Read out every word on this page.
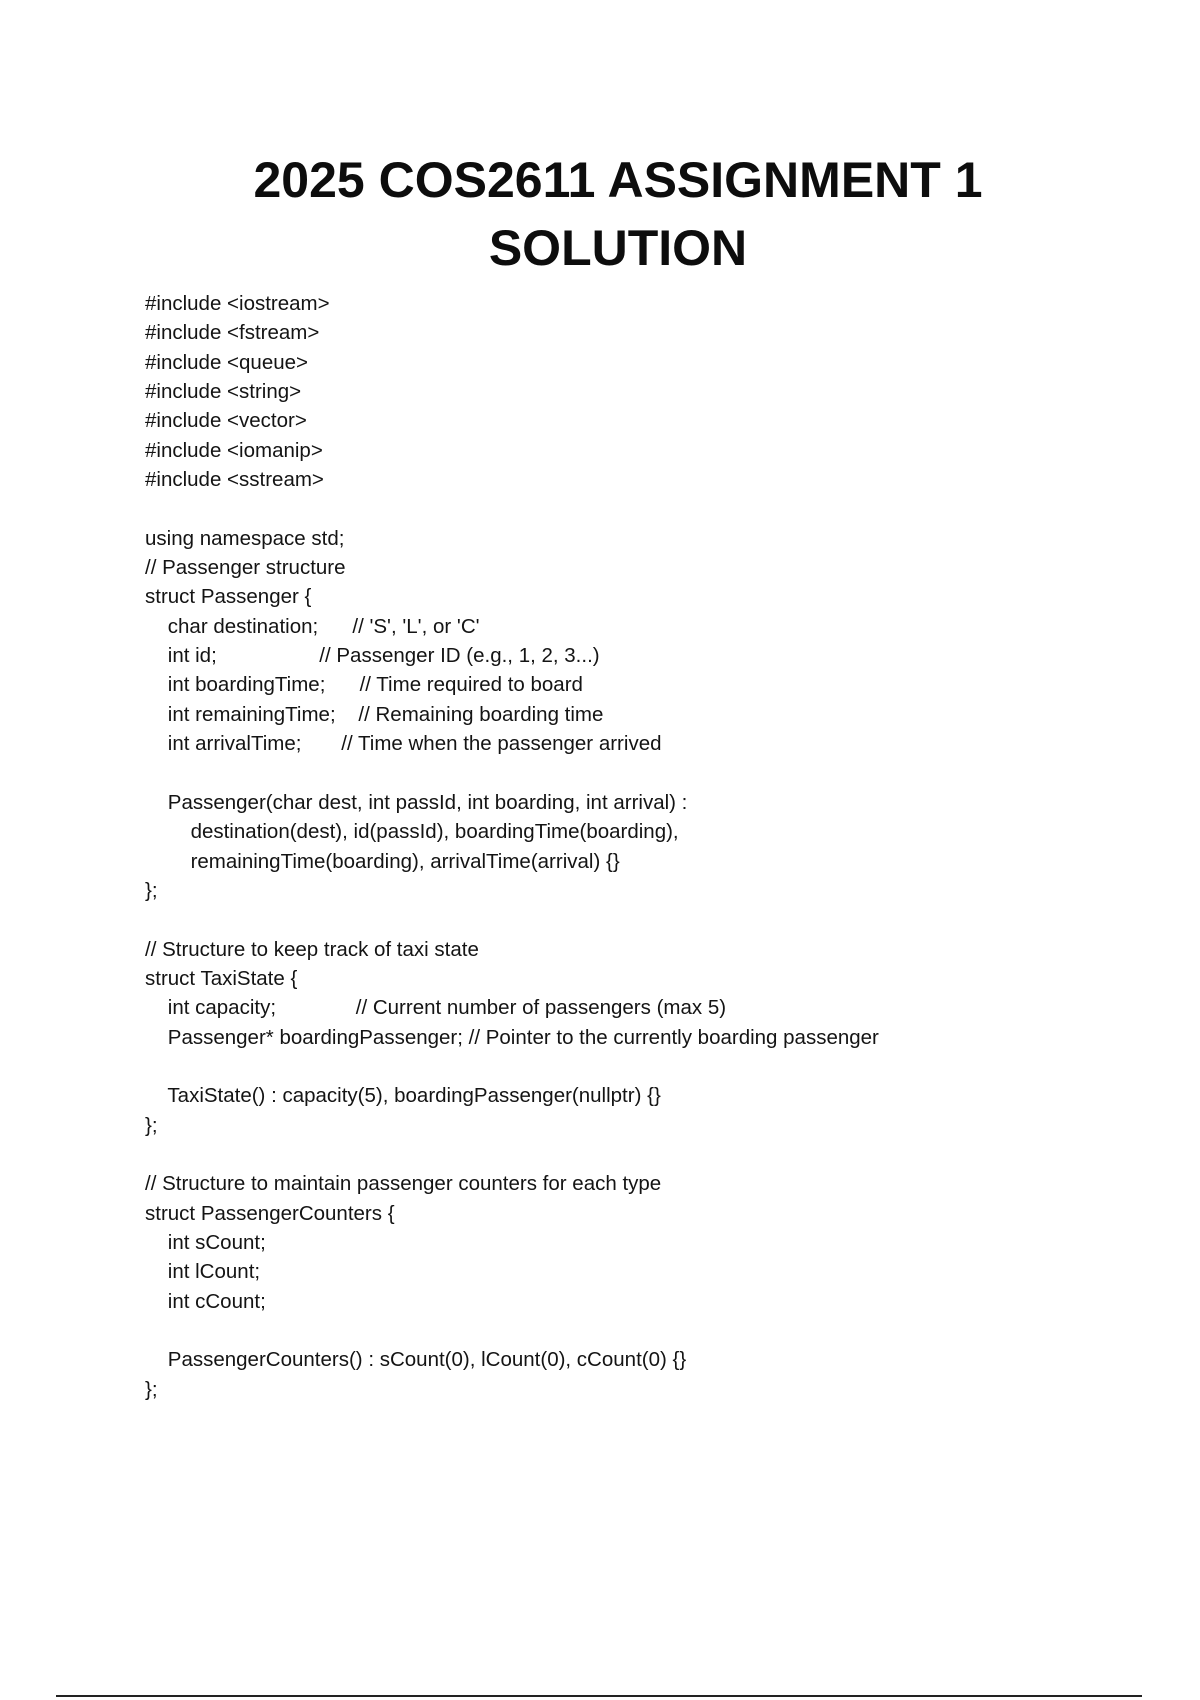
2025 COS2611 ASSIGNMENT 1
SOLUTION
#include <iostream>
#include <fstream>
#include <queue>
#include <string>
#include <vector>
#include <iomanip>
#include <sstream>
using namespace std;
// Passenger structure
struct Passenger {
char destination;      // 'S', 'L', or 'C'
int id;                  // Passenger ID (e.g., 1, 2, 3...)
int boardingTime;      // Time required to board
int remainingTime;    // Remaining boarding time
int arrivalTime;       // Time when the passenger arrived
Passenger(char dest, int passId, int boarding, int arrival) :
destination(dest), id(passId), boardingTime(boarding),
remainingTime(boarding), arrivalTime(arrival) {}
};
// Structure to keep track of taxi state
struct TaxiState {
int capacity;              // Current number of passengers (max 5)
Passenger* boardingPassenger; // Pointer to the currently boarding passenger
TaxiState() : capacity(5), boardingPassenger(nullptr) {}
};
// Structure to maintain passenger counters for each type
struct PassengerCounters {
int sCount;
int lCount;
int cCount;
PassengerCounters() : sCount(0), lCount(0), cCount(0) {}
};
